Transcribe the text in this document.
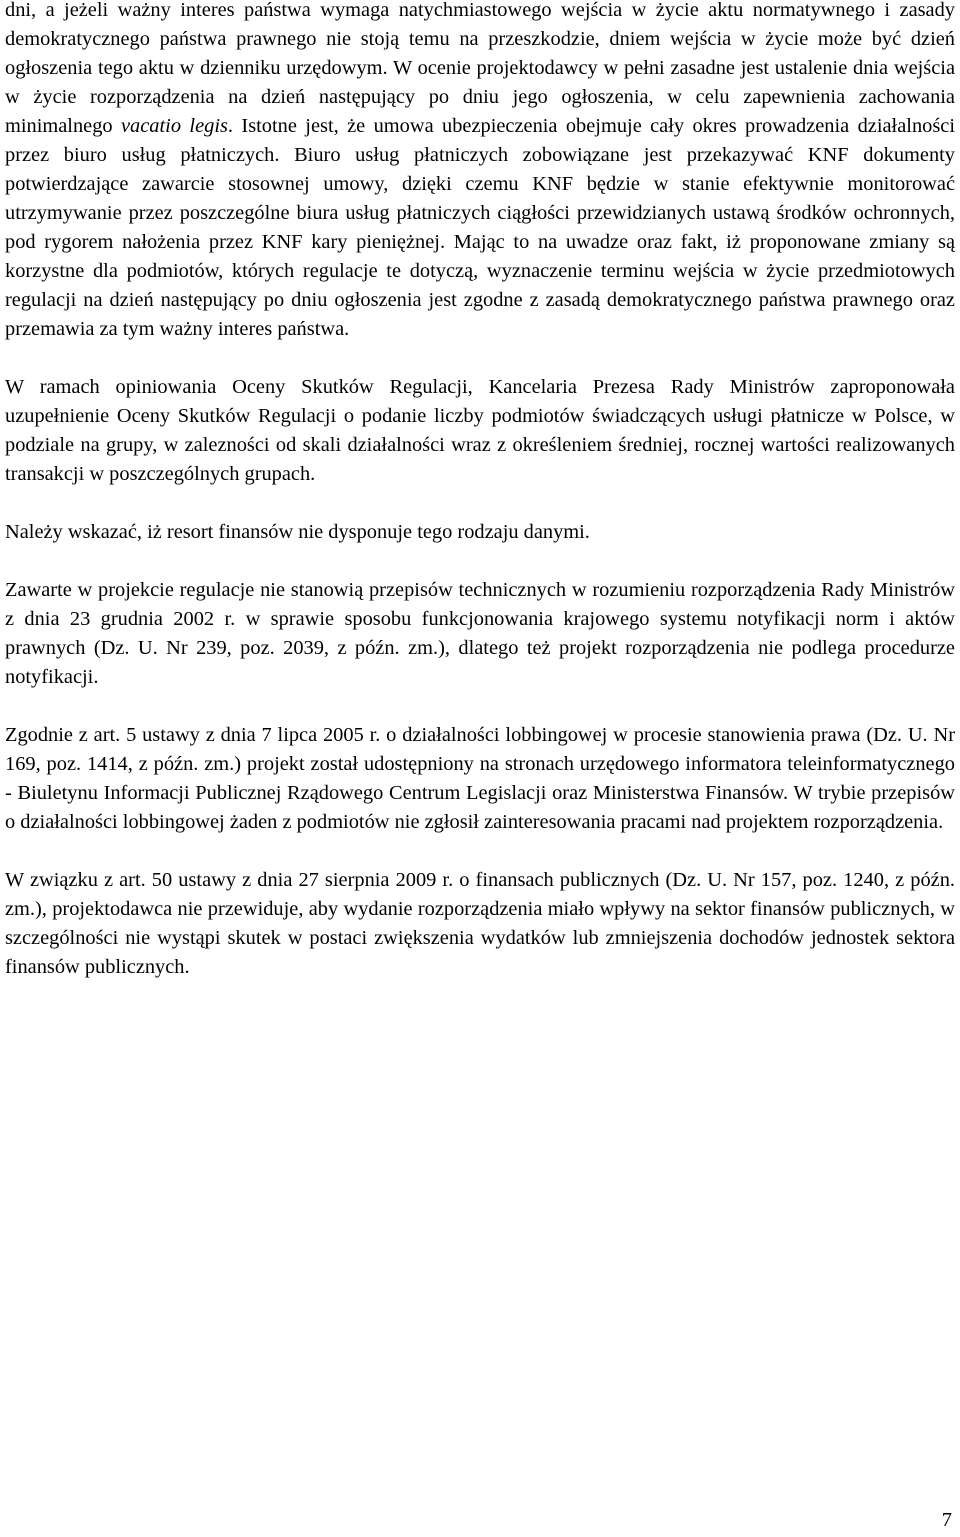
dni, a jeżeli ważny interes państwa wymaga natychmiastowego wejścia w życie aktu normatywnego i zasady demokratycznego państwa prawnego nie stoją temu na przeszkodzie, dniem wejścia w życie może być dzień ogłoszenia tego aktu w dzienniku urzędowym. W ocenie projektodawcy w pełni zasadne jest ustalenie dnia wejścia w życie rozporządzenia na dzień następujący po dniu jego ogłoszenia, w celu zapewnienia zachowania minimalnego vacatio legis. Istotne jest, że umowa ubezpieczenia obejmuje cały okres prowadzenia działalności przez biuro usług płatniczych. Biuro usług płatniczych zobowiązane jest przekazywać KNF dokumenty potwierdzające zawarcie stosownej umowy, dzięki czemu KNF będzie w stanie efektywnie monitorować utrzymywanie przez poszczególne biura usług płatniczych ciągłości przewidzianych ustawą środków ochronnych, pod rygorem nałożenia przez KNF kary pieniężnej. Mając to na uwadze oraz fakt, iż proponowane zmiany są korzystne dla podmiotów, których regulacje te dotyczą, wyznaczenie terminu wejścia w życie przedmiotowych regulacji na dzień następujący po dniu ogłoszenia jest zgodne z zasadą demokratycznego państwa prawnego oraz przemawia za tym ważny interes państwa.

W ramach opiniowania Oceny Skutków Regulacji, Kancelaria Prezesa Rady Ministrów zaproponowała uzupełnienie Oceny Skutków Regulacji o podanie liczby podmiotów świadczących usługi płatnicze w Polsce, w podziale na grupy, w zalezności od skali działalności wraz z określeniem średniej, rocznej wartości realizowanych transakcji w poszczególnych grupach.

Należy wskazać, iż resort finansów nie dysponuje tego rodzaju danymi.

Zawarte w projekcie regulacje nie stanowią przepisów technicznych w rozumieniu rozporządzenia Rady Ministrów z dnia 23 grudnia 2002 r. w sprawie sposobu funkcjonowania krajowego systemu notyfikacji norm i aktów prawnych (Dz. U. Nr 239, poz. 2039, z późn. zm.), dlatego też projekt rozporządzenia nie podlega procedurze notyfikacji.

Zgodnie z art. 5 ustawy z dnia 7 lipca 2005 r. o działalności lobbingowej w procesie stanowienia prawa (Dz. U. Nr 169, poz. 1414, z późn. zm.) projekt został udostępniony na stronach urzędowego informatora teleinformatycznego - Biuletynu Informacji Publicznej Rządowego Centrum Legislacji oraz Ministerstwa Finansów. W trybie przepisów o działalności lobbingowej żaden z podmiotów nie zgłosił zainteresowania pracami nad projektem rozporządzenia.

W związku z art. 50 ustawy z dnia 27 sierpnia 2009 r. o finansach publicznych (Dz. U. Nr 157, poz. 1240, z późn. zm.), projektodawca nie przewiduje, aby wydanie rozporządzenia miało wpływy na sektor finansów publicznych, w szczególności nie wystąpi skutek w postaci zwiększenia wydatków lub zmniejszenia dochodów jednostek sektora finansów publicznych.

7
